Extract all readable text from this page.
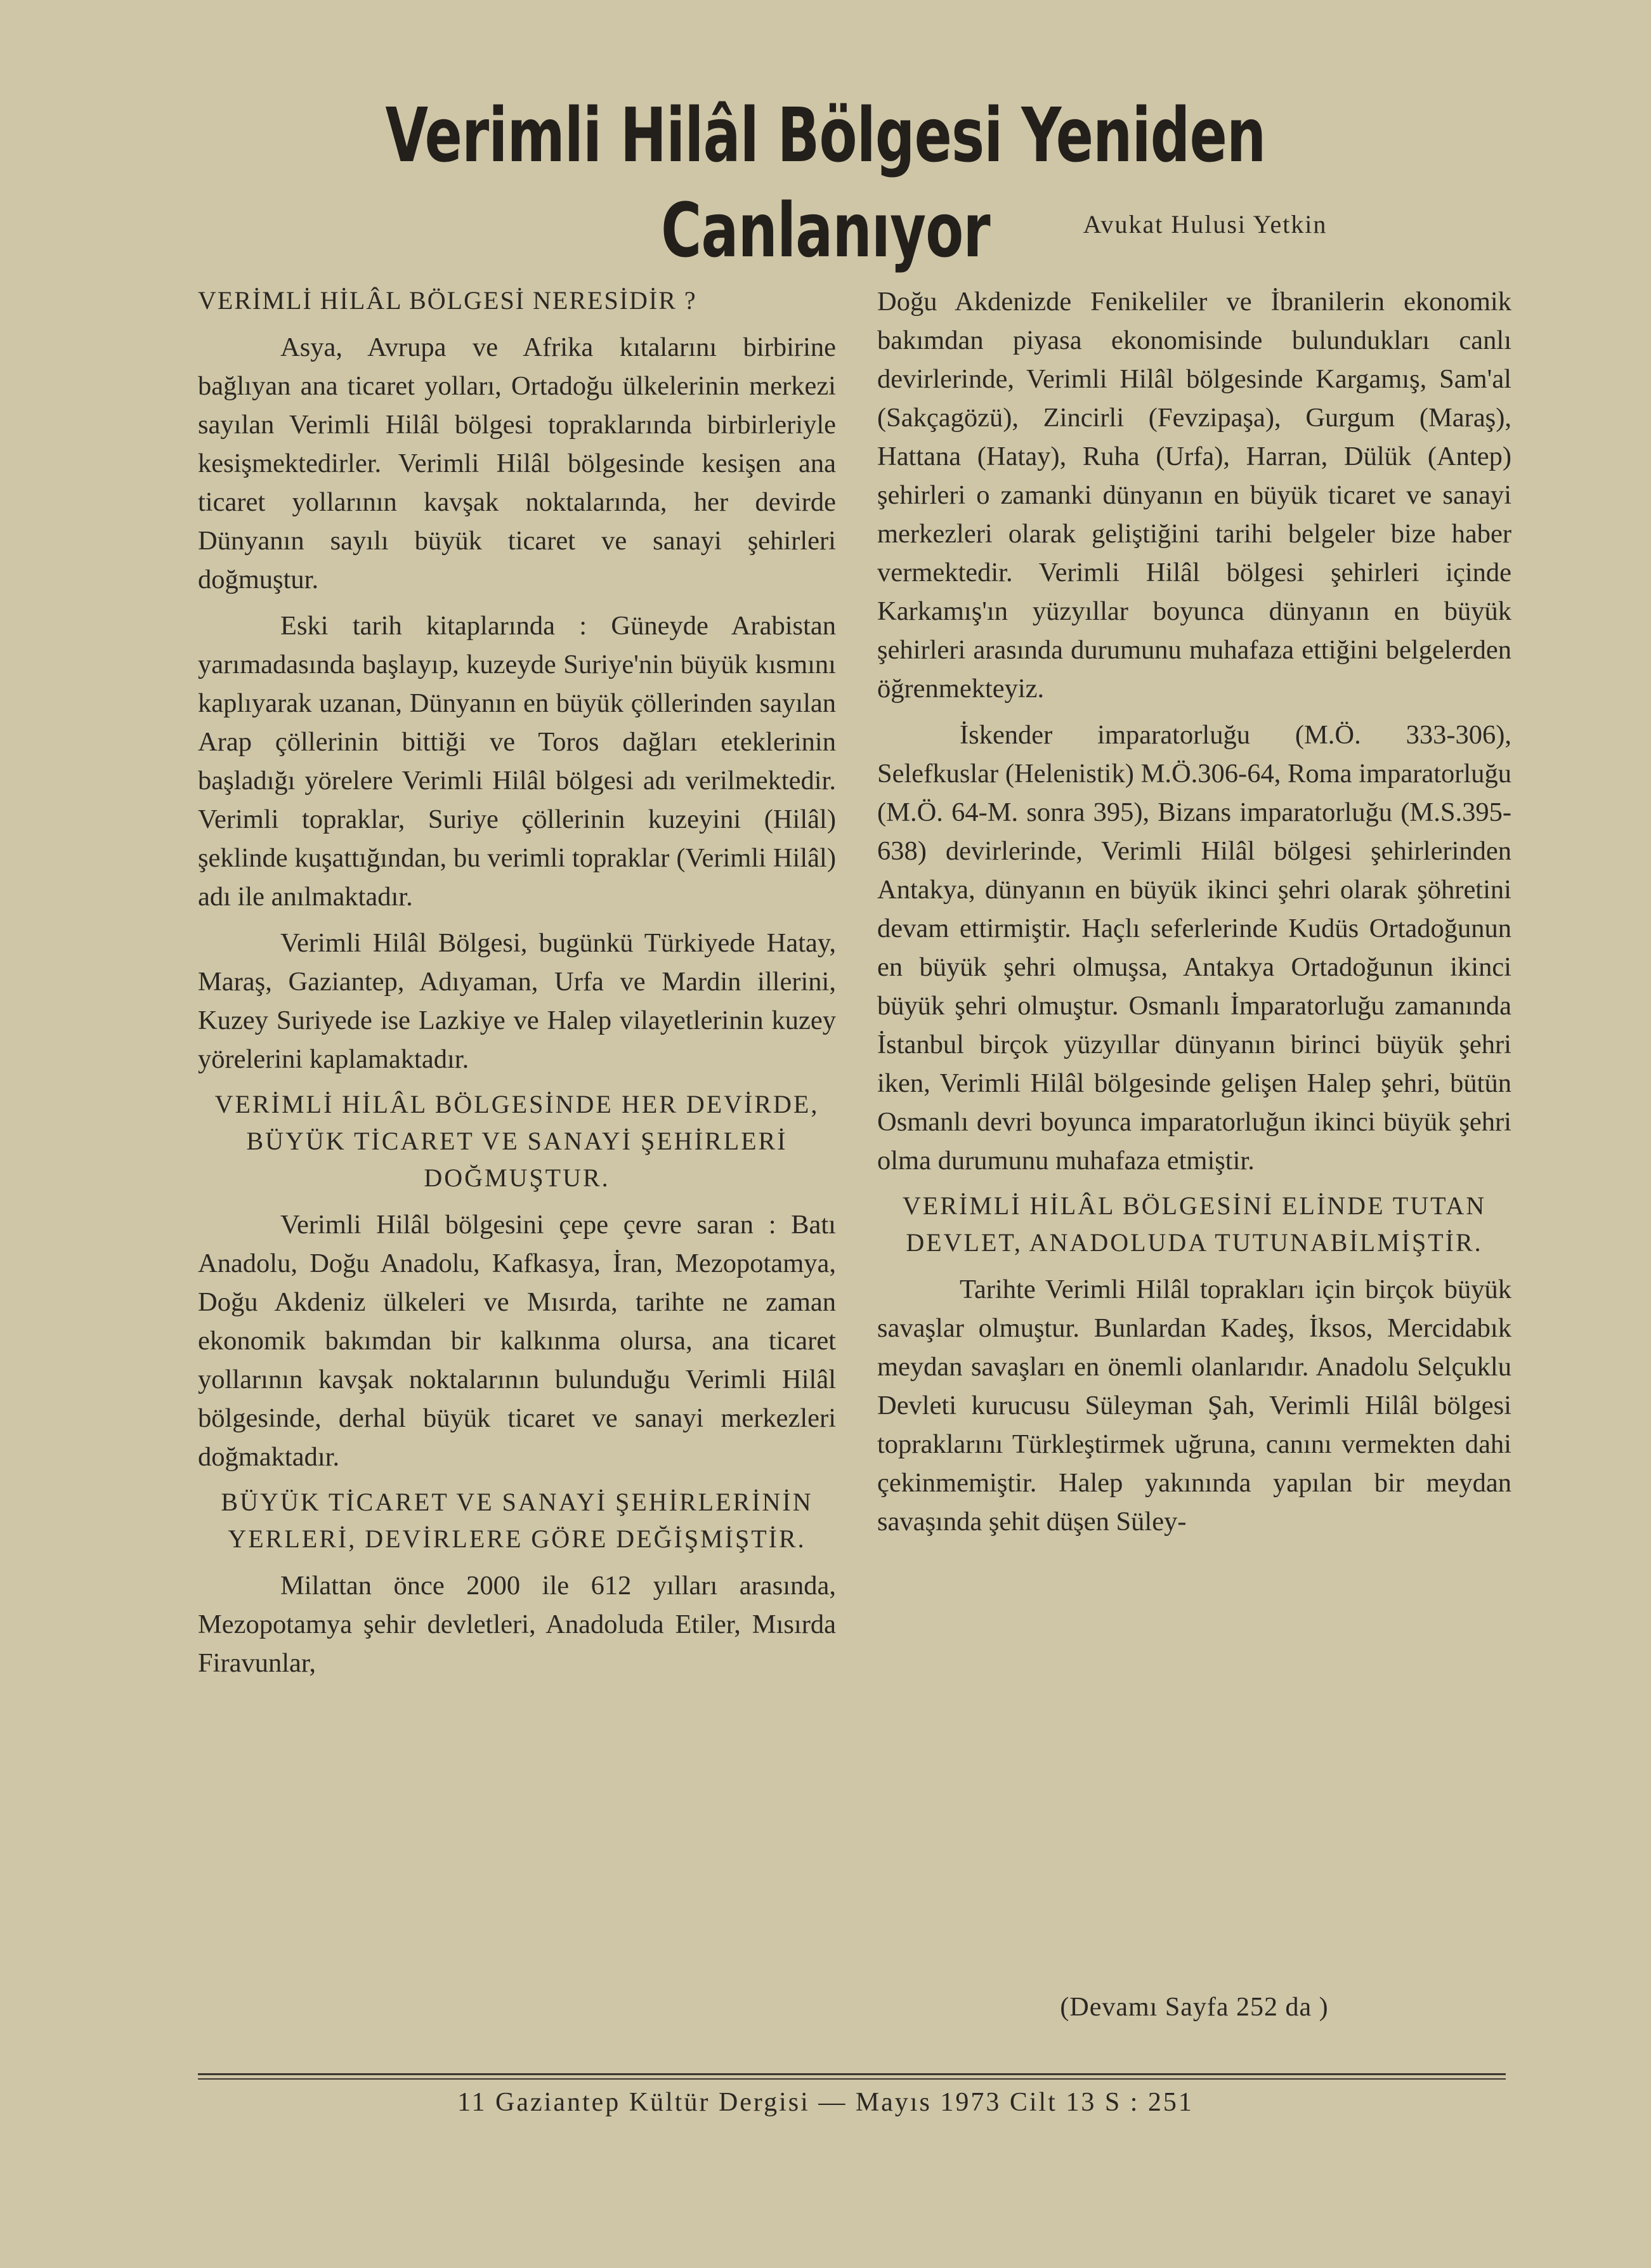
Verimli Hilâl Bölgesi Yeniden Canlanıyor	Avukat Hulusi Yetkin
VERİMLİ HİLÂL BÖLGESİ NERESİDİR ?

Asya, Avrupa ve Afrika kıtalarını birbirine bağlıyan ana ticaret yolları, Ortadoğu ülkelerinin merkezi sayılan Verimli Hilâl bölgesi topraklarında birbirleriyle kesişmektedirler. Verimli Hilâl bölgesinde kesişen ana ticaret yollarının kavşak noktalarında, her devirde Dünyanın sayılı büyük ticaret ve sanayi şehirleri doğmuştur.

Eski tarih kitaplarında : Güneyde Arabistan yarımadasında başlayıp, kuzeyde Suriye'nin büyük kısmını kaplıyarak uzanan, Dünyanın en büyük çöllerinden sayılan Arap çöllerinin bittiği ve Toros dağları eteklerinin başladığı yörelere Verimli Hilâl bölgesi adı verilmektedir. Verimli topraklar, Suriye çöllerinin kuzeyini (Hilâl) şeklinde kuşattığından, bu verimli topraklar (Verimli Hilâl) adı ile anılmaktadır.

Verimli Hilâl Bölgesi, bugünkü Türkiyede Hatay, Maraş, Gaziantep, Adıyaman, Urfa ve Mardin illerini, Kuzey Suriyede ise Lazkiye ve Halep vilayetlerinin kuzey yörelerini kaplamaktadır.

VERİMLİ HİLÂL BÖLGESİNDE HER DEVİRDE, BÜYÜK TİCARET VE SANAYİ ŞEHİRLERİ DOĞMUŞTUR.

Verimli Hilâl bölgesini çepe çevre saran : Batı Anadolu, Doğu Anadolu, Kafkasya, İran, Mezopotamya, Doğu Akdeniz ülkeleri ve Mısırda, tarihte ne zaman ekonomik bakımdan bir kalkınma olursa, ana ticaret yollarının kavşak noktalarının bulunduğu Verimli Hilâl bölgesinde, derhal büyük ticaret ve sanayi merkezleri doğmaktadır.

BÜYÜK TİCARET VE SANAYİ ŞEHİRLERİNİN YERLERİ, DEVİRLERE GÖRE DEĞİŞMİŞTİR.

Milattan önce 2000 ile 612 yılları arasında, Mezopotamya şehir devletleri, Anadoluda Etiler, Mısırda Firavunlar,

Doğu Akdenizde Fenikeliler ve İbranilerin ekonomik bakımdan piyasa ekonomisinde bulundukları canlı devirlerinde, Verimli Hilâl bölgesinde Kargamış, Sam'al (Sakçagözü), Zincirli (Fevzipaşa), Gurgum (Maraş), Hattana (Hatay), Ruha (Urfa), Harran, Dülük (Antep) şehirleri o zamanki dünyanın en büyük ticaret ve sanayi merkezleri olarak geliştiğini tarihi belgeler bize haber vermektedir. Verimli Hilâl bölgesi şehirleri içinde Karkamış'ın yüzyıllar boyunca dünyanın en büyük şehirleri arasında durumunu muhafaza ettiğini belgelerden öğrenmekteyiz.

İskender imparatorluğu (M.Ö. 333-306), Selefkuslar (Helenistik) M.Ö.306-64, Roma imparatorluğu (M.Ö. 64-M. sonra 395), Bizans imparatorluğu (M.S.395-638) devirlerinde, Verimli Hilâl bölgesi şehirlerinden Antakya, dünyanın en büyük ikinci şehri olarak şöhretini devam ettirmiştir. Haçlı seferlerinde Kudüs Ortadoğunun en büyük şehri olmuşsa, Antakya Ortadoğunun ikinci büyük şehri olmuştur. Osmanlı İmparatorluğu zamanında İstanbul birçok yüzyıllar dünyanın birinci büyük şehri iken, Verimli Hilâl bölgesinde gelişen Halep şehri, bütün Osmanlı devri boyunca imparatorluğun ikinci büyük şehri olma durumunu muhafaza etmiştir.

VERİMLİ HİLÂL BÖLGESİNİ ELİNDE TUTAN DEVLET, ANADOLUDA TUTUNABİLMİŞTİR.

Tarihte Verimli Hilâl toprakları için birçok büyük savaşlar olmuştur. Bunlardan Kadeş, İksos, Mercidabık meydan savaşları en önemli olanlarıdır. Anadolu Selçuklu Devleti kurucusu Süleyman Şah, Verimli Hilâl bölgesi topraklarını Türkleştirmek uğruna, canını vermekten dahi çekinmemiştir. Halep yakınında yapılan bir meydan savaşında şehit düşen Süley-

(Devamı Sayfa 252 da )
11 Gaziantep Kültür Dergisi — Mayıs 1973 Cilt 13 S : 251
